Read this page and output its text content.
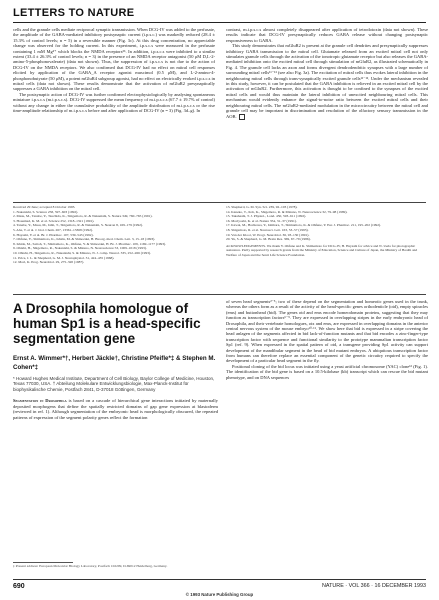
LETTERS TO NATURE

cells and the granule cells mediate reciprocal synaptic transmission. When DCG-IV was added to the perfusate, the amplitude of the GABA-mediated inhibitory postsynaptic current (i.p.s.c.) was markedly reduced (28.4 ± 15.3% of control levels; n = 5) in a reversible manner (Fig. 3c). At this drug concentration, no appreciable change was observed for the holding current. In this experiment, i.p.s.c.s were measured in the perfusate containing 1 mM Mg²⁺ which blocks the NMDA receptors²⁶. In addition, i.p.s.c.s were inhibited to a similar extent (33.4 ± 26.3% of control levels; n = 3) in the presence of an NMDA receptor antagonist (50 μM D,L-2-amino-5-phosphonovalerate) (data not shown). Thus, the suppression of i.p.s.c.s is not due to the action of DCG-IV on the NMDA receptors. We also confirmed that DCG-IV had no effect on mitral cell responses elicited by application of the GABA_A receptor agonist muscimol (0.5 μM), and L-2-amino-4-phosphonobutyrate (50 μM), a potent mGluR4 subgroup agonist, had no effect on electrically evoked i.p.s.c.s in mitral cells (data not shown). These results demonstrate that the activation of mGluR2 presynaptically suppresses a GABA inhibition on the mitral cell.

The postsynaptic action of DCG-IV was further confirmed electrophysiologically by analysing spontaneous miniature i.p.s.c.s (m.i.p.s.c.s). DCG-IV suppressed the mean frequency of m.i.p.s.c.s (67.7 ± 19.7% of control) without any change in either the cumulative probability of the amplitude distribution of m.i.p.s.c.s or the rise time-amplitude relationship of m.i.p.s.c.s before and after application of DCG-IV (n = 3) (Fig. 3d–g). In

contrast, m.i.p.s.c.s almost completely disappeared after application of tetrodotoxin (data not shown). These results indicate that DCG-IV presynaptically reduces GABA release without changing postsynaptic responsiveness to GABA.

This study demonstrates that mGluR2 is present at the granule cell dendrites and presynaptically suppresses inhibitory GABA transmission to the mitral cell. Glutamate released from an excited mitral cell not only stimulates granule cells through the activation of the ionotropic glutamate receptor but also releases the GABA-mediated inhibition onto the excited mitral cell through stimulation of mGluR2, as illustrated schematically in Fig. 4. The granule cell lacks an axon and forms divergent dendrodendritic synapses with a large number of surrounding mitral cells¹¹⁻¹³ (see also Fig. 3a). The excitation of mitral cells thus evokes lateral inhibition in the neighbouring mitral cells through trans-synaptically excited granule cells¹¹⁻¹³. Under the mechanism revealed in this study, however, it can be postulated that the GABA inhibition is relieved in an excited mitral cell by the activation of mGluR2. Furthermore, this activation is thought to be confined to the synapses of the excited mitral cells and would thus maintain the lateral inhibition of unexcited neighbouring mitral cells. This mechanism would evidently enhance the signal-to-noise ratio between the excited mitral cells and their neighbouring mitral cells. The mGluR2-mediated modulation in the microcircuitry between the mitral cell and granule cell may be important in discrimination and resolution of the olfactory sensory transmission in the AOB.

Received 29 June; accepted 8 October 1993.
1. Nakanishi, S. Science 258, 597–603 (1992).
2. Masu, M., Tanabe, Y., Tsuchida, K., Shigemoto, R. & Nakanishi, S. Nature 349, 760–765 (1991).
3. Houamed, K. M. et al. Science 252, 1318–1321 (1991).
4. Tanabe, Y., Masu, M., Ishii, T., Shigemoto, R. & Nakanishi, S. Neuron 8, 169–179 (1992).
5. Abe, T. et al. J. biol. Chem. 267, 13361–13368 (1992).
6. Hayashi, Y. et al. Br. J. Pharmac. 107, 539–543 (1992).
7. Ohfune, Y., Shimamoto, K., Ishida, M. & Shinozaki, H. Bioorg. med. Chem. Lett. 3, 15–18 (1993).
8. Ishida, M., Saitoh, T., Shimamoto, K., Ohfune, Y. & Shinozaki, H. Br. J. Pharmac. 109, 1169–1177 (1993).
9. Ohishi, H., Shigemoto, R., Nakanishi, S. & Mizuno, N. Neuroscience 53, 1009–1018 (1993).
10. Ohishi, H., Shigemoto, R., Nakanishi, S. & Mizuno, N. J. comp. Neurol. 335, 252–266 (1993).
11. Price, J. L. & Shepherd, G. M. J. Neurophysiol. 31, 424–435 (1968).
12. Mori, K. Prog. Neurobiol. 29, 275–320 (1987).
13. Shepherd, G. M. Syn. Sci. 239, 92–103 (1978).
14. Kaneko, T., Itoh, K., Shigemoto, R. & Mizuno, N. Neuroscience 32, 79–98 (1989).
15. Takahashi, T. J. Physiol., Lond. 450, 593–611 (1992).
16. Moriyoshi, K. et al. Nature 354, 31–37 (1991).
17. Kawai, M., Horikawa, Y., Ishihara, T., Shimamoto, K. & Ohfune, Y. Eur. J. Pharmac. 211, 195–202 (1992).
18. Shigemoto, R. et al. Neurosci. Lett. 163, 53–57 (1993).
19. Van der Kloot, W. Progr. Neurobiol. 36, 93–130 (1991).
20. Yu, S. & Shepherd, G. M. Brain Res. 369, 67–79 (1986).
ACKNOWLEDGEMENTS. We thank Y. Ohfune and K. Shimamoto for DCG-IV, H. Hayashi for advice and N. Ueda for photographic assistance. Partly supported by research grants from the Ministry of Education, Science and Culture of Japan, the Ministry of Health and Welfare of Japan and the Senri Life Science Foundation.
A Drosophila homologue of human Sp1 is a head-specific segmentation gene
Ernst A. Wimmer*†, Herbert Jäckle†, Christine Pfeifle*‡ & Stephen M. Cohen*‡
* Howard Hughes Medical Institute, Department of Cell Biology, Baylor College of Medicine, Houston, Texas 77030, USA. † Abteilung Molekulare Entwicklungsbiologie, Max-Planck-Institut für biophysikalische Chemie, Postfach 2841, D-37018 Göttingen, Germany
Segmentation in Drosophila is based on a cascade of hierarchical gene interactions initiated by maternally deposited morphogens that define the spatially restricted domains of gap gene expression at blastoderm (reviewed in ref. 1). Although segmentation of the embryonic head is morphologically obscured, the repeated patterns of expression of the segment polarity genes reflect the formation

of seven head segments²⁻⁵; two of these depend on the segmentation and homeotic genes used in the trunk, whereas the others form as a result of the activity of the head-specific genes orthodenticle (otd), empty spiracles (ems) and buttonhead (btd). The genes otd and ems encode homeodomain proteins, suggesting that they may function as transcription factors⁶⁻⁹. They are expressed in overlapping stripes in the early embryonic head of Drosophila, and their vertebrate homologues, otx and emx, are expressed in overlapping domains in the anterior central nervous system of the mouse embryo¹⁰·¹¹. We show here that btd is expressed in a stripe covering the head anlagen of the segments affected in btd lack-of-function mutants and that btd encodes a zinc-finger-type transcription factor with sequence and functional similarity to the prototype mammalian transcription factor Sp1 (ref. 9). When expressed in the spatial pattern of otd, a transgene providing Sp1 activity can support development of the mandibular segment in the head of btd mutant embryos. A ubiquitous transcription factor from humans can therefore replace an essential component of the genetic circuitry required to specify the development of a particular head segment in the fly.

Positional cloning of the btd locus was initiated using a yeast artificial chromosome (YAC) clone¹² (Fig. 1). The identification of the btd gene is based on a 10.5-kilobase (kb) transcript which can rescue the btd mutant phenotype, and on DNA sequences

‡ Present address: European Molecular Biology Laboratory, Postfach 102209, D-69012 Heidelberg, Germany.
690	NATURE · VOL 366 · 16 DECEMBER 1993
© 1993 Nature Publishing Group
